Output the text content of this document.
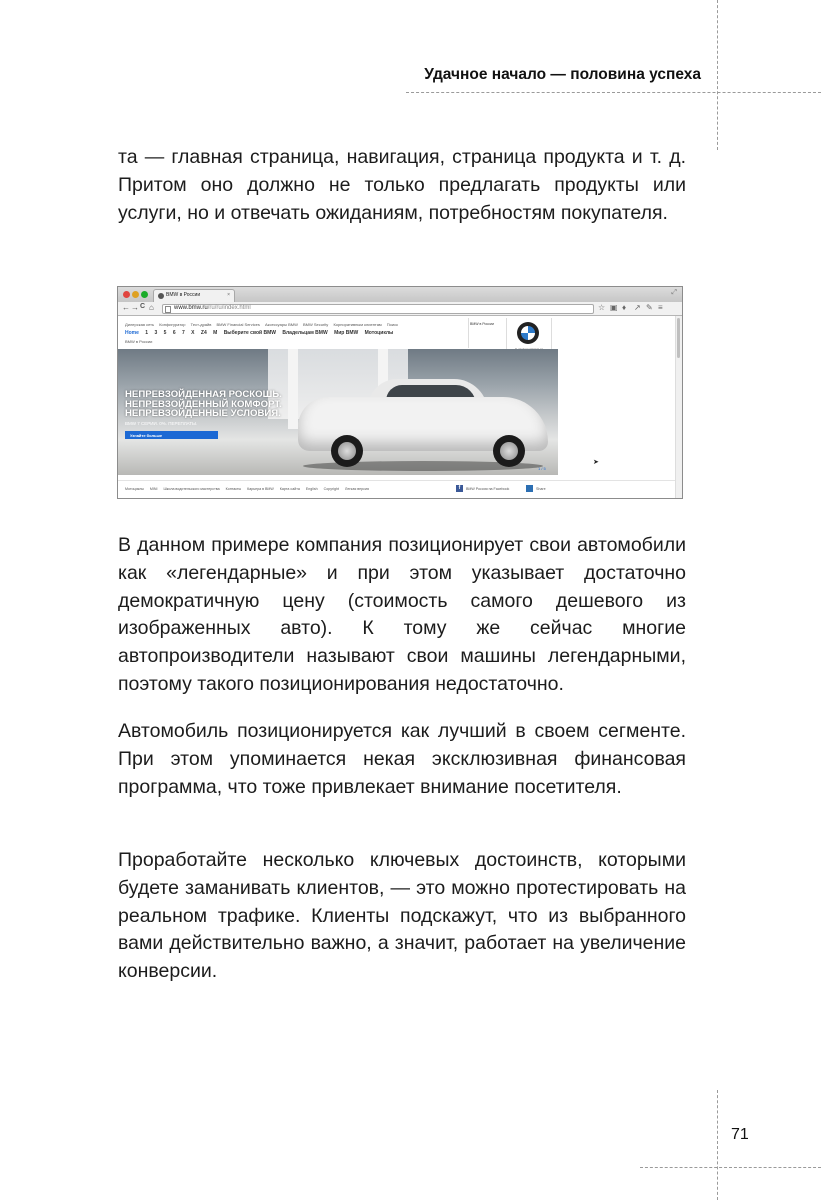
Удачное начало — половина успеха

та — главная страница, навигация, страница продукта и т. д. Притом оно должно не только предлагать продукты или услуги, но и отвечать ожиданиям, потребностям покупателя.

BMW в России	×	⤢
← → C ⌂	www.bmw.ru/ru/ru/index.html	☆ ▣ ♦ ↗ ✎ ≡
Дилерская сеть Конфигуратор Тест-драйв BMW Financial Services Аксессуары BMW BMW Security Корпоративным клиентам Поиск
Home 1 3 5 6 7 X Z4 M Выберите свой BMW Владельцам BMW Мир BMW Мотоциклы
BMW в России
BMW в России
НЕПРЕВЗОЙДЕННАЯ РОСКОШЬ.
НЕПРЕВЗОЙДЕННЫЙ КОМФОРТ.
НЕПРЕВЗОЙДЕННЫЕ УСЛОВИЯ.
BMW 7 СЕРИИ. 0%. ПЕРЕПЛАТЫ.
Узнайте больше
1 / 5
➤
Мотоциклы MINI Школа водительского мастерства Контакты Карьера в BMW Карта сайта English Copyright Легкая версия	f	BMW Россия на Facebook	Share

В данном примере компания позиционирует свои автомобили как «легендарные» и при этом указывает достаточно демократичную цену (стоимость самого дешевого из изображенных авто). К тому же сейчас многие автопроизводители называют свои машины легендарными, поэтому такого позиционирования недостаточно.

Автомобиль позиционируется как лучший в своем сегменте. При этом упоминается некая эксклюзивная финансовая программа, что тоже привлекает внимание посетителя.

Проработайте несколько ключевых достоинств, которыми будете заманивать клиентов, — это можно протестировать на реальном трафике. Клиенты подскажут, что из выбранного вами действительно важно, а значит, работает на увеличение конверсии.

71
